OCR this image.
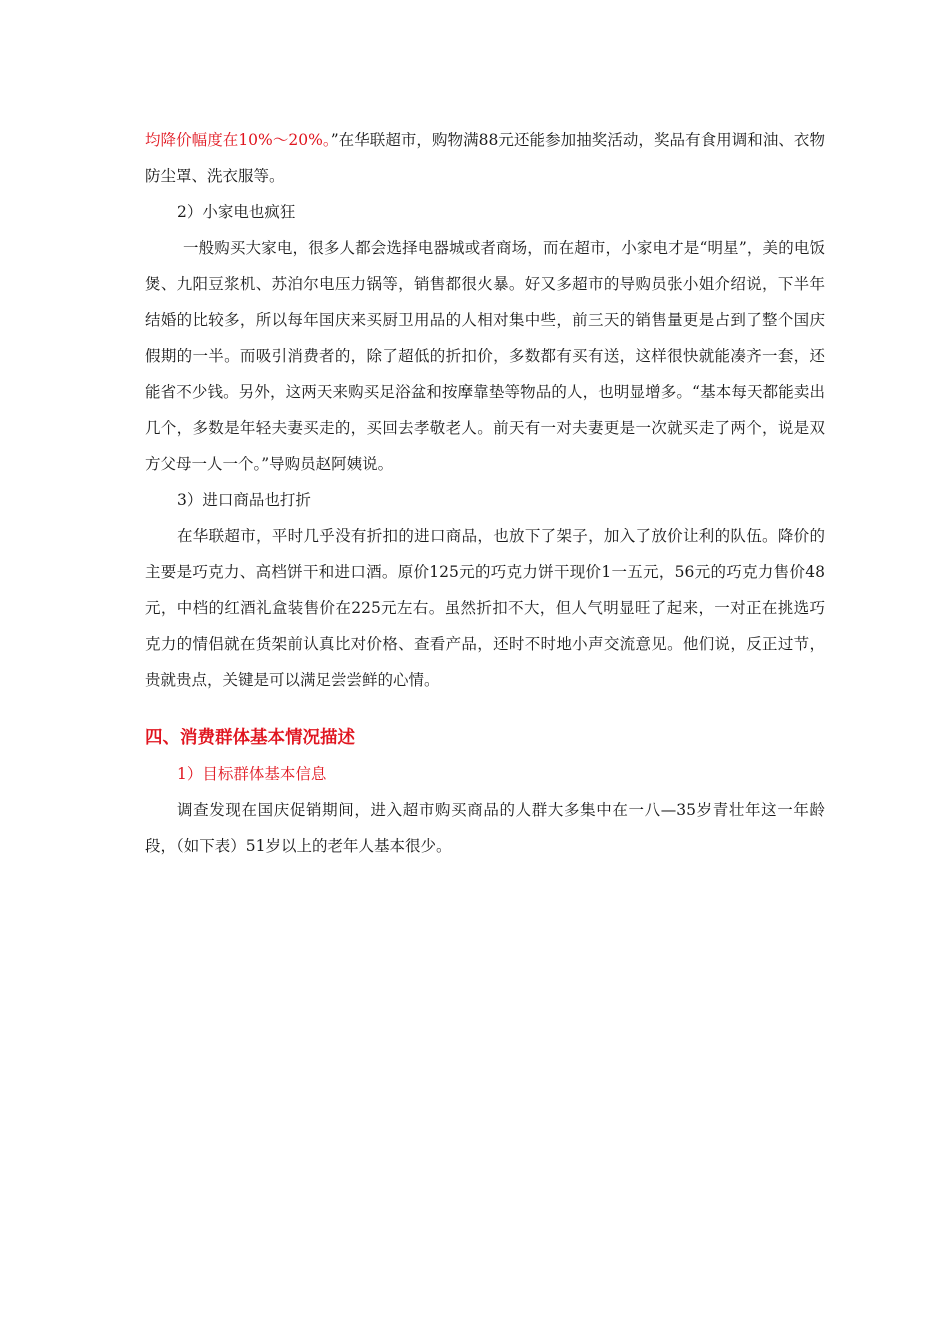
均降价幅度在10%～20%。”在华联超市，购物满88元还能参加抽奖活动，奖品有食用调和油、衣物防尘罩、洗衣服等。

2）小家电也疯狂

一般购买大家电，很多人都会选择电器城或者商场，而在超市，小家电才是“明星”，美的电饭煲、九阳豆浆机、苏泊尔电压力锅等，销售都很火暴。好又多超市的导购员张小姐介绍说，下半年结婚的比较多，所以每年国庆来买厨卫用品的人相对集中些，前三天的销售量更是占到了整个国庆假期的一半。而吸引消费者的，除了超低的折扣价，多数都有买有送，这样很快就能凑齐一套，还能省不少钱。另外，这两天来购买足浴盆和按摩靠垫等物品的人，也明显增多。“基本每天都能卖出几个，多数是年轻夫妻买走的，买回去孝敬老人。前天有一对夫妻更是一次就买走了两个，说是双方父母一人一个。”导购员赵阿姨说。

3）进口商品也打折

在华联超市，平时几乎没有折扣的进口商品，也放下了架子，加入了放价让利的队伍。降价的主要是巧克力、高档饼干和进口酒。原价125元的巧克力饼干现价1一五元，56元的巧克力售价48元，中档的红酒礼盒装售价在225元左右。虽然折扣不大，但人气明显旺了起来，一对正在挑选巧克力的情侣就在货架前认真比对价格、查看产品，还时不时地小声交流意见。他们说，反正过节，贵就贵点，关键是可以满足尝尝鲜的心情。

四、消费群体基本情况描述

1）目标群体基本信息

调查发现在国庆促销期间，进入超市购买商品的人群大多集中在一八—35岁青壮年这一年龄段，（如下表）51岁以上的老年人基本很少。
